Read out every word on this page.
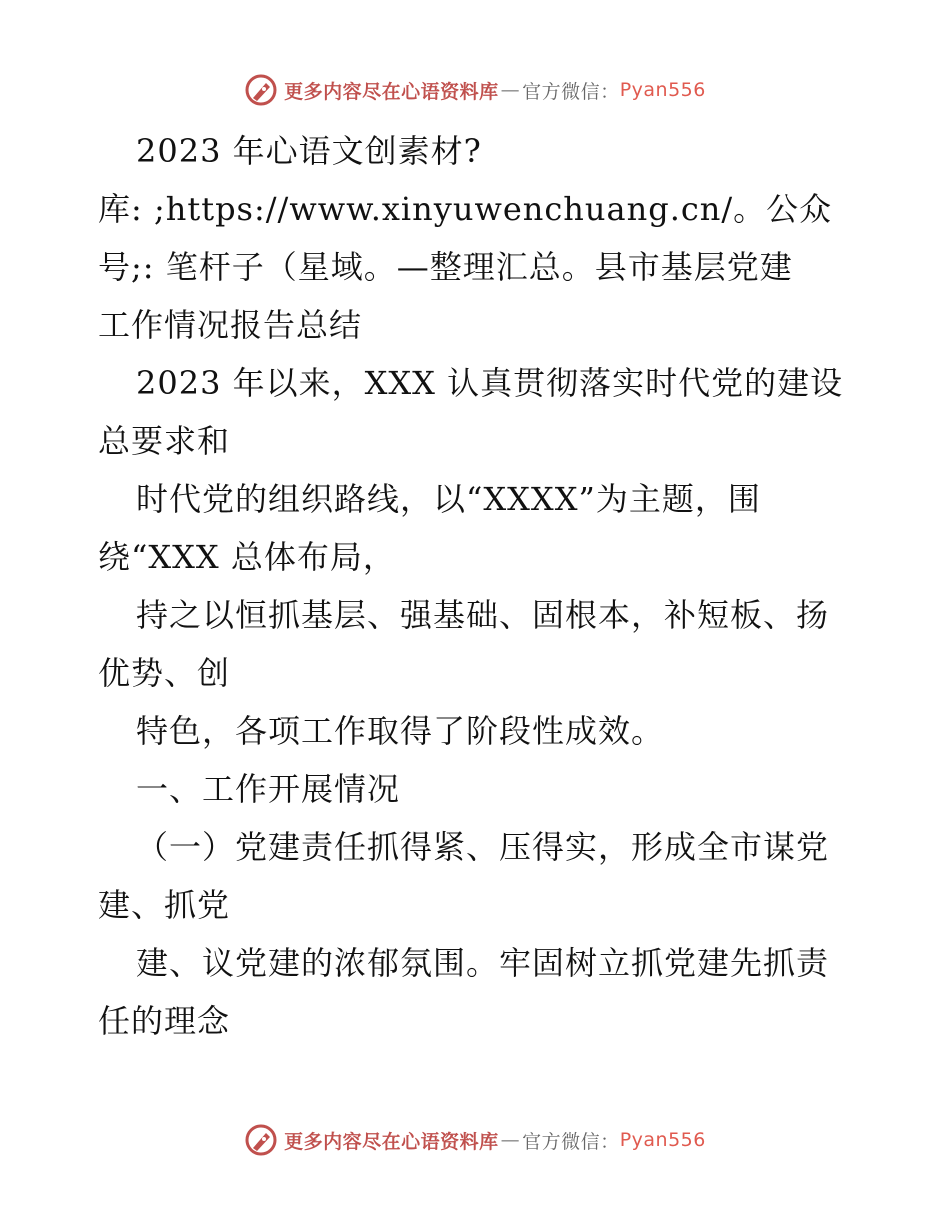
更多内容尽在心语资料库 — 官方微信： Pyan556
2023 年心语文创素材?
库: ;https://www.xinyuwenchuang.cn/。公众
号;: 笔杆子（星域。—整理汇总。县市基层党建
工作情况报告总结
2023 年以来，XXX 认真贯彻落实时代党的建设
总要求和
时代党的组织路线，以“XXXX”为主题，围
绕“XXX 总体布局，
持之以恒抓基层、强基础、固根本，补短板、扬
优势、创
特色，各项工作取得了阶段性成效。
一、工作开展情况
（一）党建责任抓得紧、压得实，形成全市谋党
建、抓党
建、议党建的浓郁氛围。牢固树立抓党建先抓责
任的理念
更多内容尽在心语资料库 — 官方微信： Pyan556
